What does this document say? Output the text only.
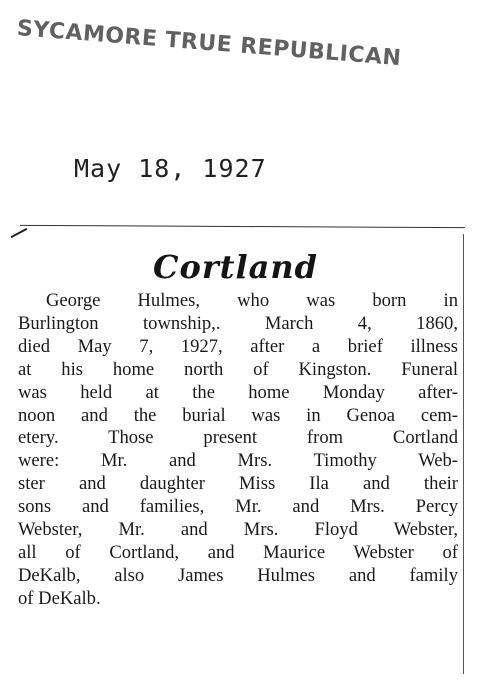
SYCAMORE TRUE REPUBLICAN
May 18, 1927
Cortland
George Hulmes, who was born in
Burlington township,. March 4, 1860,
died May 7, 1927, after a brief illness
at his home north of Kingston. Funeral
was held at the home Monday after-
noon and the burial was in Genoa cem-
etery. Those present from Cortland
were: Mr. and Mrs. Timothy Web-
ster and daughter Miss Ila and their
sons and families, Mr. and Mrs. Percy
Webster, Mr. and Mrs. Floyd Webster,
all of Cortland, and Maurice Webster of
DeKalb, also James Hulmes and family
of DeKalb.
